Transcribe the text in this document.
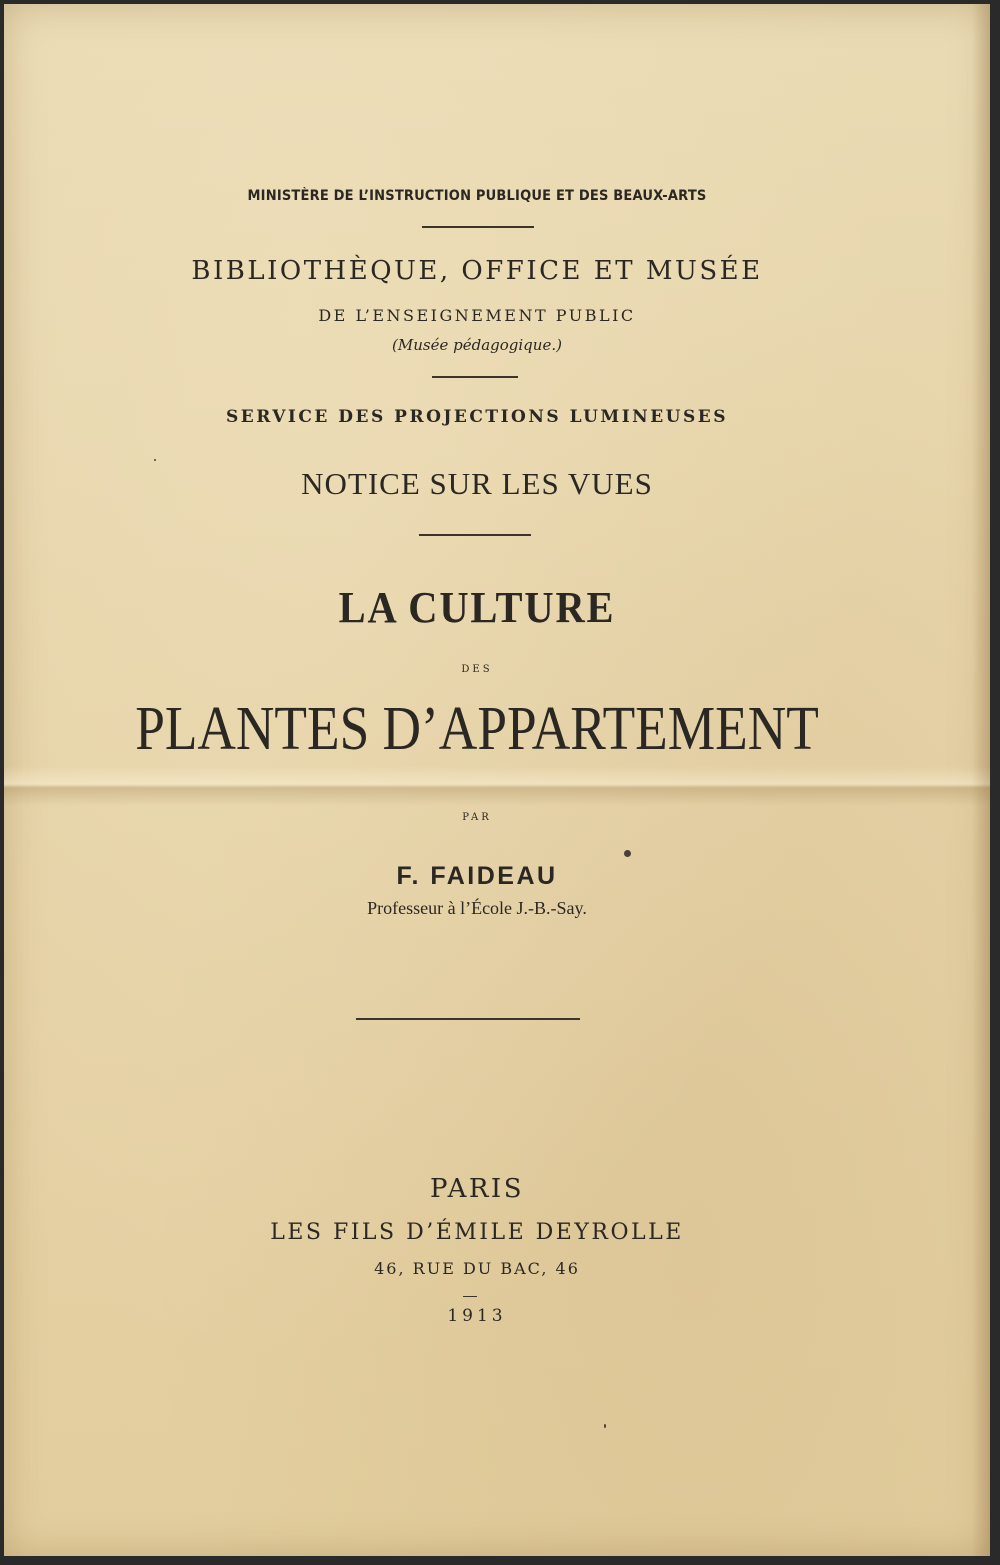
MINISTÈRE DE L’INSTRUCTION PUBLIQUE ET DES BEAUX-ARTS
BIBLIOTHÈQUE, OFFICE ET MUSÉE
DE L’ENSEIGNEMENT PUBLIC
(Musée pédagogique.)
SERVICE DES PROJECTIONS LUMINEUSES
NOTICE SUR LES VUES
LA CULTURE
DES
PLANTES D’APPARTEMENT
PAR
F. FAIDEAU
Professeur à l’École J.-B.-Say.
PARIS
LES FILS D’ÉMILE DEYROLLE
46, RUE DU BAC, 46
1913
